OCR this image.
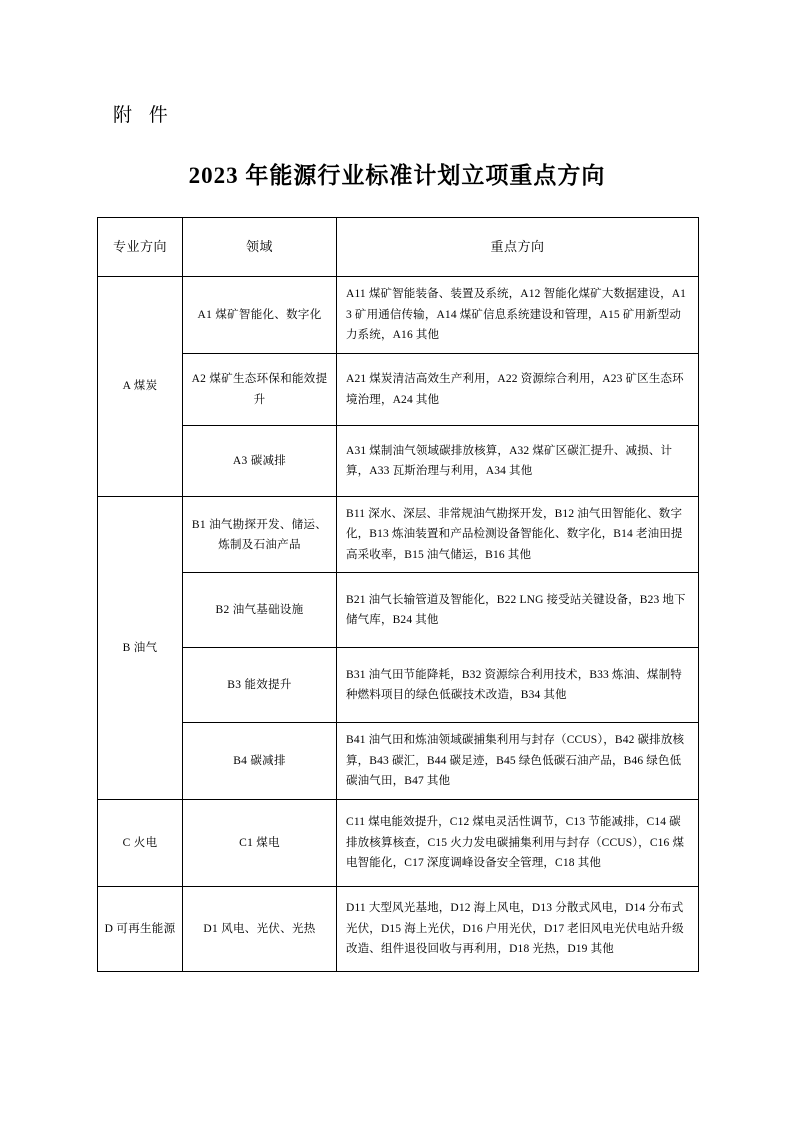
附 件
2023 年能源行业标准计划立项重点方向
专业方向	领域	重点方向
A 煤炭	A1 煤矿智能化、数字化	A11 煤矿智能装备、装置及系统，A12 智能化煤矿大数据建设，A13 矿用通信传输，A14 煤矿信息系统建设和管理，A15 矿用新型动力系统，A16 其他
	A2 煤矿生态环保和能效提升	A21 煤炭清洁高效生产利用，A22 资源综合利用，A23 矿区生态环境治理，A24 其他
	A3 碳减排	A31 煤制油气领域碳排放核算，A32 煤矿区碳汇提升、减损、计算，A33 瓦斯治理与利用，A34 其他
B 油气	B1 油气勘探开发、储运、炼制及石油产品	B11 深水、深层、非常规油气勘探开发，B12 油气田智能化、数字化，B13 炼油装置和产品检测设备智能化、数字化，B14 老油田提高采收率，B15 油气储运，B16 其他
	B2 油气基础设施	B21 油气长输管道及智能化，B22 LNG 接受站关键设备，B23 地下储气库，B24 其他
	B3 能效提升	B31 油气田节能降耗，B32 资源综合利用技术，B33 炼油、煤制特种燃料项目的绿色低碳技术改造，B34 其他
	B4 碳减排	B41 油气田和炼油领域碳捕集利用与封存（CCUS），B42 碳排放核算，B43 碳汇，B44 碳足迹，B45 绿色低碳石油产品，B46 绿色低碳油气田，B47 其他
C 火电	C1 煤电	C11 煤电能效提升，C12 煤电灵活性调节，C13 节能减排，C14 碳排放核算核查，C15 火力发电碳捕集利用与封存（CCUS），C16 煤电智能化，C17 深度调峰设备安全管理，C18 其他
D 可再生能源	D1 风电、光伏、光热	D11 大型风光基地，D12 海上风电，D13 分散式风电，D14 分布式光伏，D15 海上光伏，D16 户用光伏，D17 老旧风电光伏电站升级改造、组件退役回收与再利用，D18 光热，D19 其他
